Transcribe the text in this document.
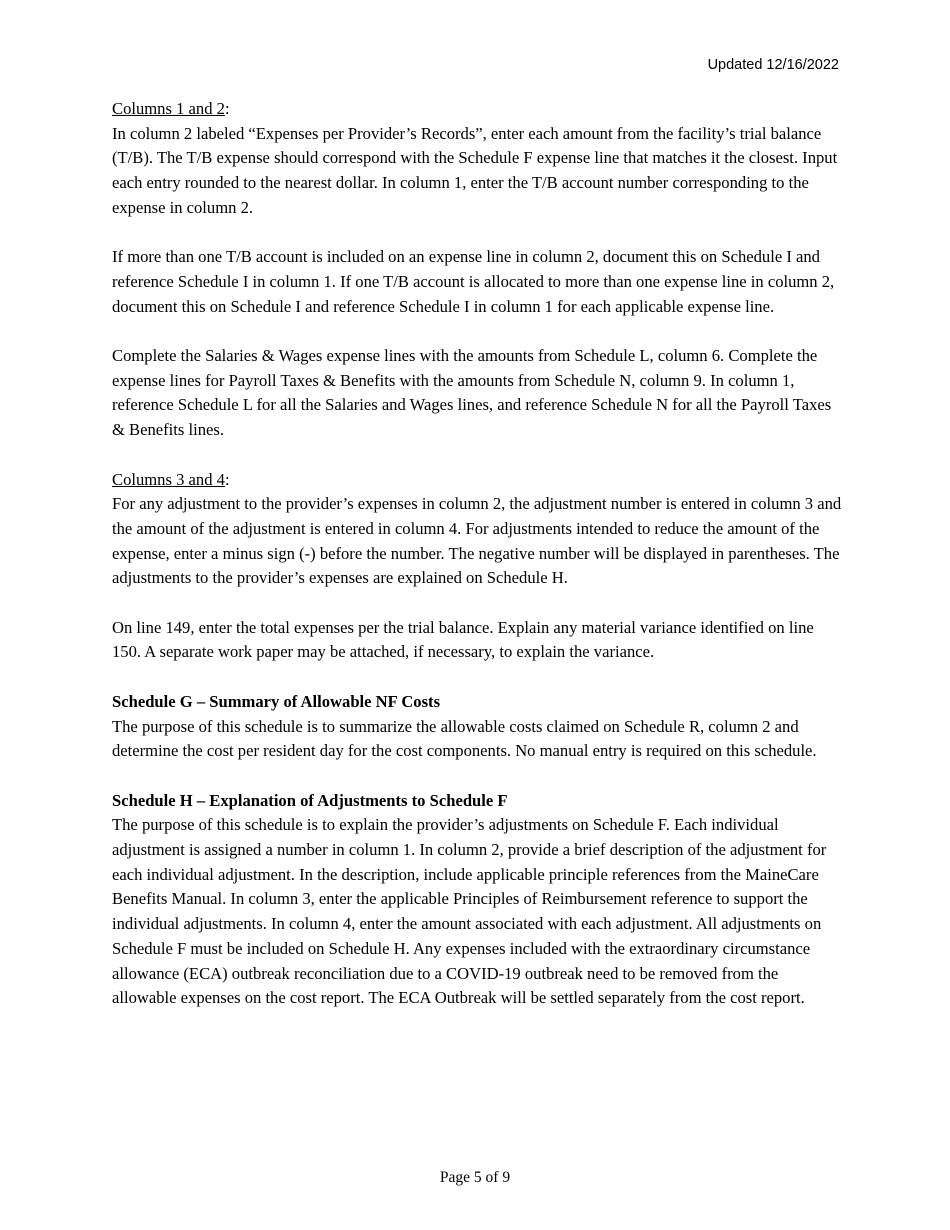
Updated 12/16/2022

Columns 1 and 2:

In column 2 labeled “Expenses per Provider’s Records”, enter each amount from the facility’s trial balance (T/B). The T/B expense should correspond with the Schedule F expense line that matches it the closest. Input each entry rounded to the nearest dollar. In column 1, enter the T/B account number corresponding to the expense in column 2.

If more than one T/B account is included on an expense line in column 2, document this on Schedule I and reference Schedule I in column 1. If one T/B account is allocated to more than one expense line in column 2, document this on Schedule I and reference Schedule I in column 1 for each applicable expense line.

Complete the Salaries & Wages expense lines with the amounts from Schedule L, column 6. Complete the expense lines for Payroll Taxes & Benefits with the amounts from Schedule N, column 9. In column 1, reference Schedule L for all the Salaries and Wages lines, and reference Schedule N for all the Payroll Taxes & Benefits lines.

Columns 3 and 4:

For any adjustment to the provider’s expenses in column 2, the adjustment number is entered in column 3 and the amount of the adjustment is entered in column 4. For adjustments intended to reduce the amount of the expense, enter a minus sign (-) before the number. The negative number will be displayed in parentheses. The adjustments to the provider’s expenses are explained on Schedule H.

On line 149, enter the total expenses per the trial balance. Explain any material variance identified on line 150. A separate work paper may be attached, if necessary, to explain the variance.

Schedule G – Summary of Allowable NF Costs

The purpose of this schedule is to summarize the allowable costs claimed on Schedule R, column 2 and determine the cost per resident day for the cost components. No manual entry is required on this schedule.

Schedule H – Explanation of Adjustments to Schedule F

The purpose of this schedule is to explain the provider’s adjustments on Schedule F. Each individual adjustment is assigned a number in column 1. In column 2, provide a brief description of the adjustment for each individual adjustment. In the description, include applicable principle references from the MaineCare Benefits Manual. In column 3, enter the applicable Principles of Reimbursement reference to support the individual adjustments. In column 4, enter the amount associated with each adjustment. All adjustments on Schedule F must be included on Schedule H. Any expenses included with the extraordinary circumstance allowance (ECA) outbreak reconciliation due to a COVID-19 outbreak need to be removed from the allowable expenses on the cost report. The ECA Outbreak will be settled separately from the cost report.

Page 5 of 9
